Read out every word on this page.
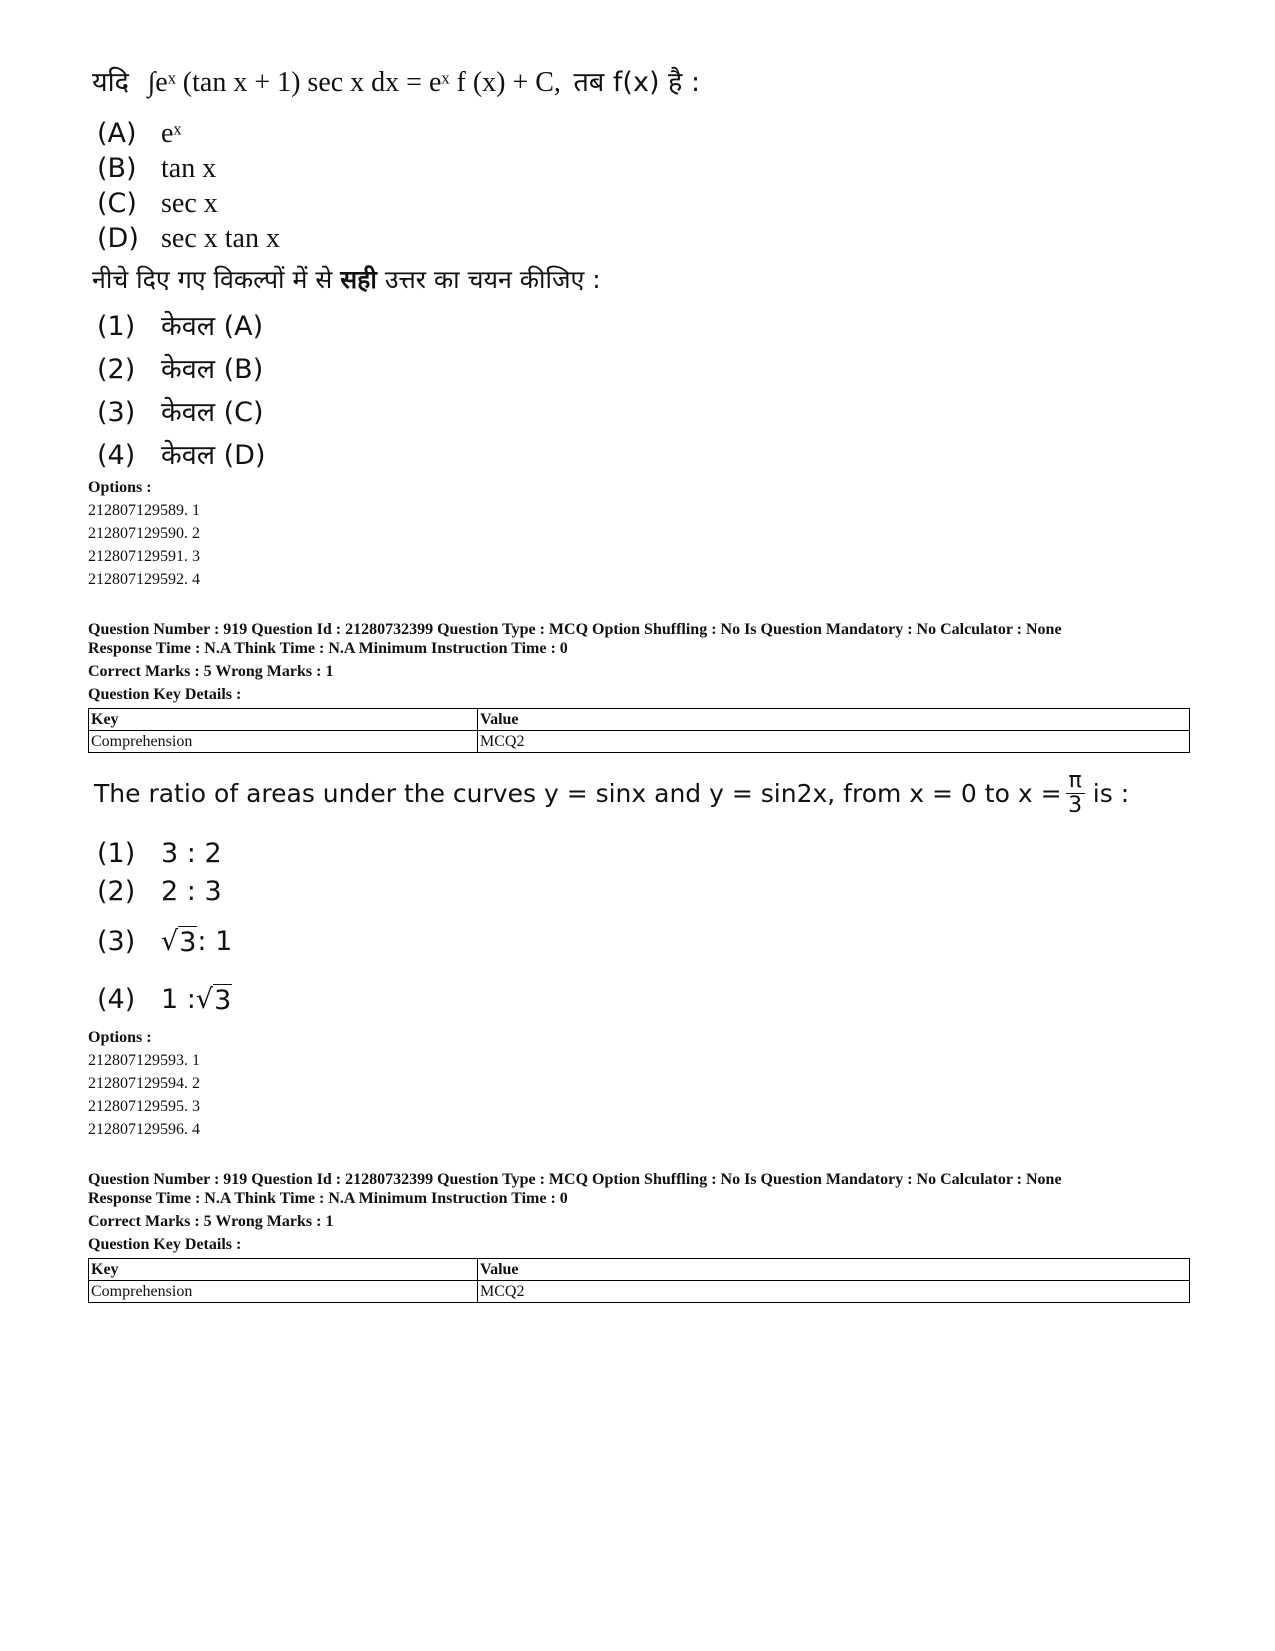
यदि ∫eˣ (tan x + 1) sec x dx = eˣ f (x) + C, तब f(x) है :
(A) eˣ
(B) tan x
(C) sec x
(D) sec x tan x
नीचे दिए गए विकल्पों में से सही उत्तर का चयन कीजिए :
(1) केवल (A)
(2) केवल (B)
(3) केवल (C)
(4) केवल (D)
Options :
212807129589. 1
212807129590. 2
212807129591. 3
212807129592. 4
Question Number : 919 Question Id : 21280732399 Question Type : MCQ Option Shuffling : No Is Question Mandatory : No Calculator : None
Response Time : N.A Think Time : N.A Minimum Instruction Time : 0
Correct Marks : 5 Wrong Marks : 1
Question Key Details :
Key	Value
Comprehension	MCQ2
The ratio of areas under the curves y = sinx and y = sin2x, from x = 0 to $x = \frac{\pi}{3}$ is :
(1) 3 : 2
(2) 2 : 3
(3) √ 3 : 1
(4) 1 :√ 3
Options :
212807129593. 1
212807129594. 2
212807129595. 3
212807129596. 4
Question Number : 919 Question Id : 21280732399 Question Type : MCQ Option Shuffling : No Is Question Mandatory : No Calculator : None
Response Time : N.A Think Time : N.A Minimum Instruction Time : 0
Correct Marks : 5 Wrong Marks : 1
Question Key Details :
Key	Value
Comprehension	MCQ2
